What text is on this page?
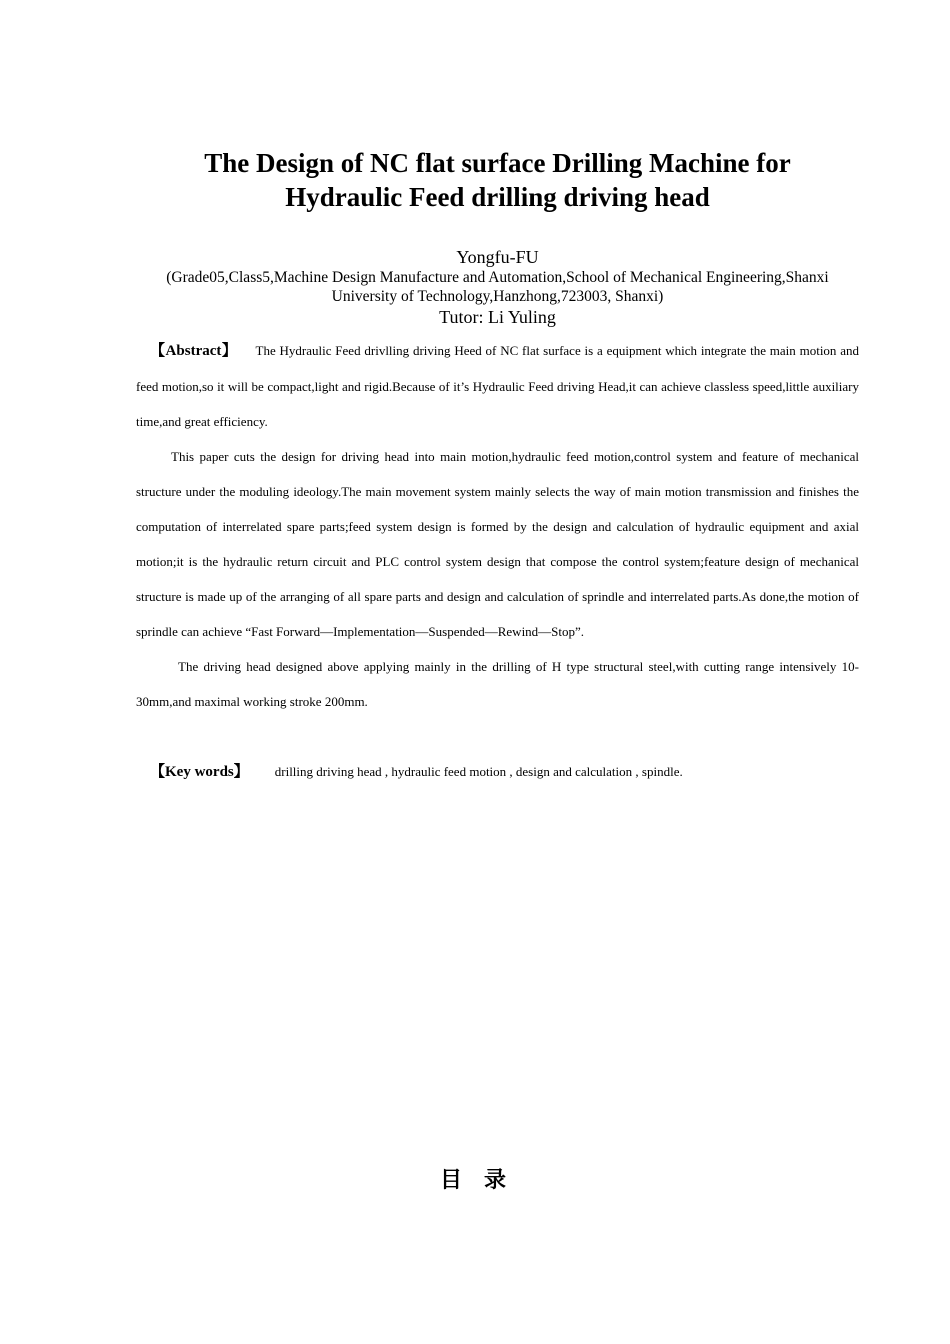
The Design of NC flat surface Drilling Machine for
Hydraulic Feed drilling driving head
Yongfu-FU
(Grade05,Class5,Machine Design Manufacture and Automation,School of Mechanical Engineering,Shanxi
University of Technology,Hanzhong,723003, Shanxi)
Tutor: Li Yuling

【Abstract】 The Hydraulic Feed drivlling driving Heed of NC flat surface is a equipment which integrate the main motion and feed motion,so it will be compact,light and rigid.Because of it’s Hydraulic Feed driving Head,it can achieve classless speed,little auxiliary time,and great efficiency.

This paper cuts the design for driving head into main motion,hydraulic feed motion,control system and feature of mechanical structure under the moduling ideology.The main movement system mainly selects the way of main motion transmission and finishes the computation of interrelated spare parts;feed system design is formed by the design and calculation of hydraulic equipment and axial motion;it is the hydraulic return circuit and PLC control system design that compose the control system;feature design of mechanical structure is made up of the arranging of all spare parts and design and calculation of sprindle and interrelated parts.As done,the motion of sprindle can achieve “Fast Forward—Implementation—Suspended—Rewind—Stop”.

The driving head designed above applying mainly in the drilling of H type structural steel,with cutting range intensively 10-30mm,and maximal working stroke 200mm.

【Key words】 drilling driving head , hydraulic feed motion , design and calculation , spindle.
目　录
